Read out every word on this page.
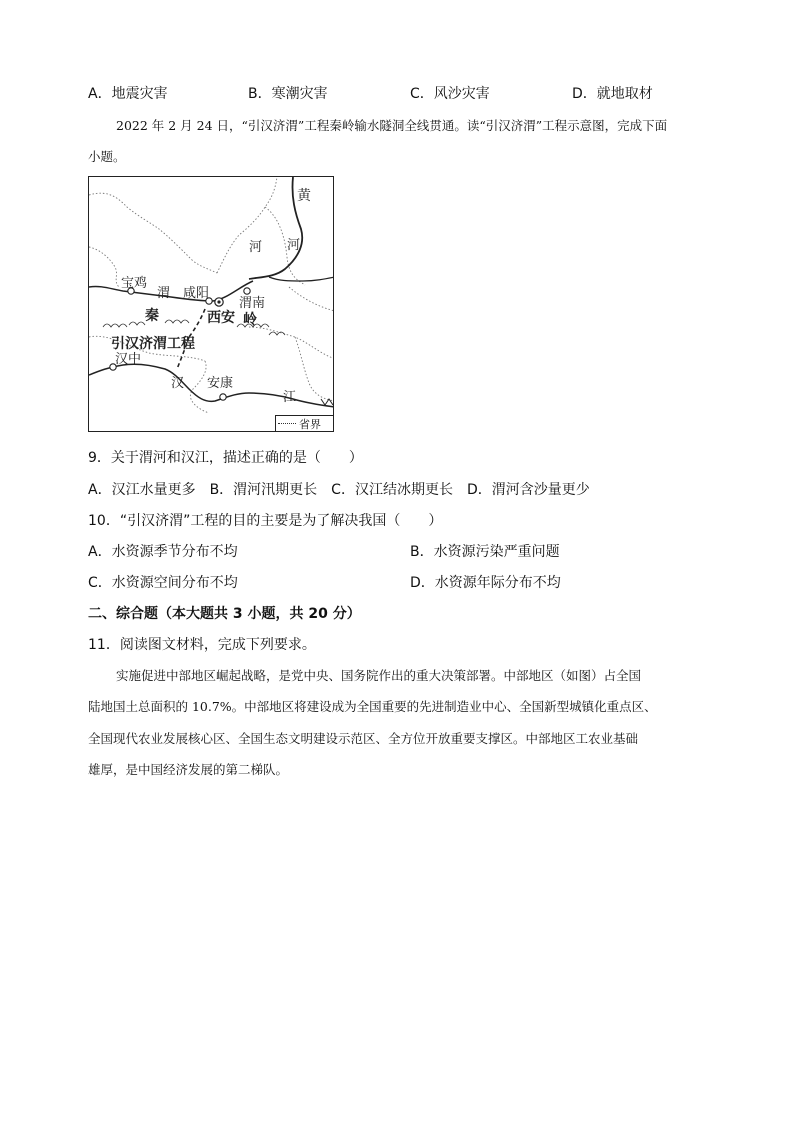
A．地震灾害	B．寒潮灾害	C．风沙灾害	D．就地取材
2022 年 2 月 24 日，“引汉济渭”工程秦岭输水隧洞全线贯通。读“引汉济渭”工程示意图，完成下面
小题。
黄
河 河
宝鸡
渭 咸阳
渭南
秦	西安 岭
引汉济渭工程
汉中
汉 安康
江
省界
9．关于渭河和汉江，描述正确的是（　　）
A．汉江水量更多　B．渭河汛期更长　C．汉江结冰期更长　D．渭河含沙量更少
10．“引汉济渭”工程的目的主要是为了解决我国（　　）
A．水资源季节分布不均	B．水资源污染严重问题
C．水资源空间分布不均	D．水资源年际分布不均
二、综合题（本大题共 3 小题，共 20 分）
11．阅读图文材料，完成下列要求。
实施促进中部地区崛起战略，是党中央、国务院作出的重大决策部署。中部地区（如图）占全国
陆地国土总面积的 10.7%。中部地区将建设成为全国重要的先进制造业中心、全国新型城镇化重点区、
全国现代农业发展核心区、全国生态文明建设示范区、全方位开放重要支撑区。中部地区工农业基础
雄厚，是中国经济发展的第二梯队。
